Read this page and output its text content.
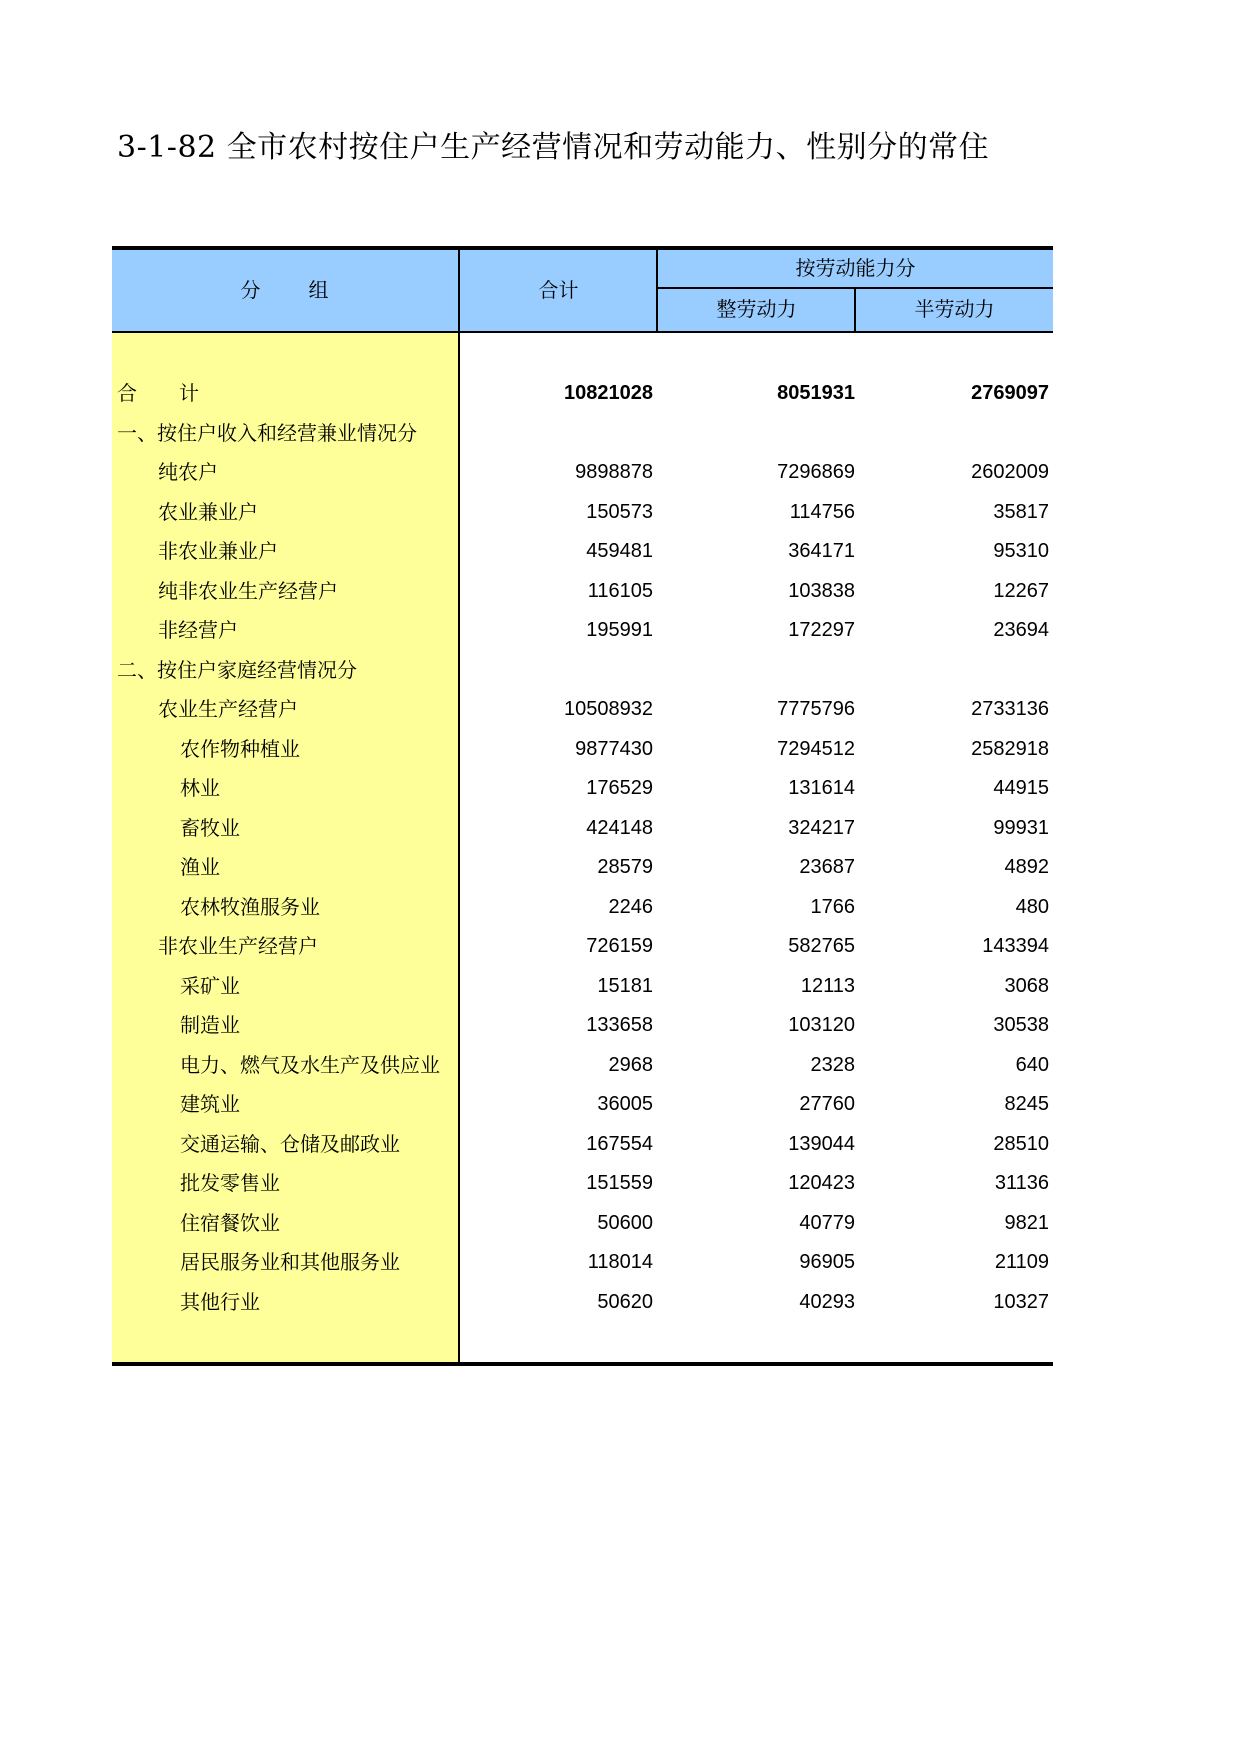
3-1-82 全市农村按住户生产经营情况和劳动能力、性别分的常住
分 组	合计
按劳动能力分
整劳动力	半劳动力
合 计	10821028	8051931	2769097
一、按住户收入和经营兼业情况分
纯农户	9898878	7296869	2602009
农业兼业户	150573	114756	35817
非农业兼业户	459481	364171	95310
纯非农业生产经营户	116105	103838	12267
非经营户	195991	172297	23694
二、按住户家庭经营情况分
农业生产经营户	10508932	7775796	2733136
农作物种植业	9877430	7294512	2582918
林业	176529	131614	44915
畜牧业	424148	324217	99931
渔业	28579	23687	4892
农林牧渔服务业	2246	1766	480
非农业生产经营户	726159	582765	143394
采矿业	15181	12113	3068
制造业	133658	103120	30538
电力、燃气及水生产及供应业	2968	2328	640
建筑业	36005	27760	8245
交通运输、仓储及邮政业	167554	139044	28510
批发零售业	151559	120423	31136
住宿餐饮业	50600	40779	9821
居民服务业和其他服务业	118014	96905	21109
其他行业	50620	40293	10327
